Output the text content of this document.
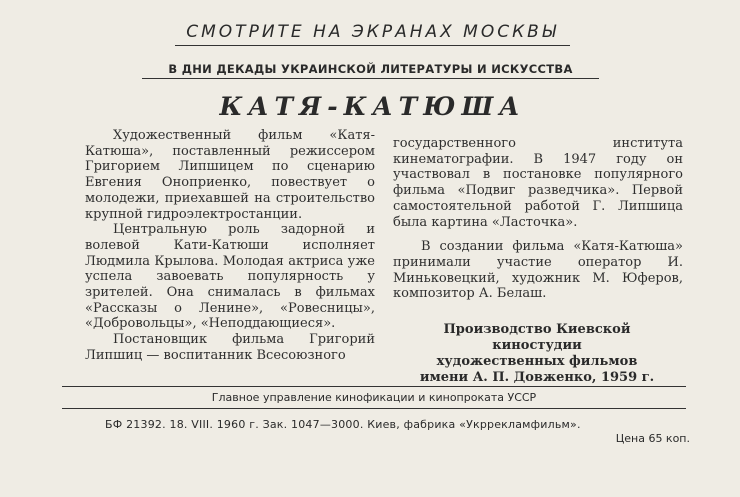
СМОТРИТЕ НА ЭКРАНАХ МОСКВЫ
В ДНИ ДЕКАДЫ УКРАИНСКОЙ ЛИТЕРАТУРЫ И ИСКУССТВА
КАТЯ-КАТЮША

Художественный фильм «Катя-Катюша», поставленный режиссером Григорием Липшицем по сценарию Евгения Оноприенко, повествует о молодежи, приехавшей на строительство крупной гидроэлектростанции.

Центральную роль задорной и волевой Кати-Катюши исполняет Людмила Крылова. Молодая актриса уже успела завоевать популярность у зрителей. Она снималась в фильмах «Рассказы о Ленине», «Ровесницы», «Добровольцы», «Неподдающиеся».

Постановщик фильма Григорий Липшиц — воспитанник Всесоюзного

государственного института кинематографии. В 1947 году он участвовал в постановке популярного фильма «Подвиг разведчика». Первой самостоятельной работой Г. Липшица была картина «Ласточка».

В создании фильма «Катя-Катюша» принимали участие оператор И. Миньковецкий, художник М. Юферов, композитор А. Белаш.

Производство Киевской киностудии
художественных фильмов
имени А. П. Довженко, 1959 г.
Главное управление кинофикации и кинопроката УССР
БФ 21392. 18. VIII. 1960 г. Зак. 1047—3000. Киев, фабрика «Укррекламфильм».
Цена 65 коп.
